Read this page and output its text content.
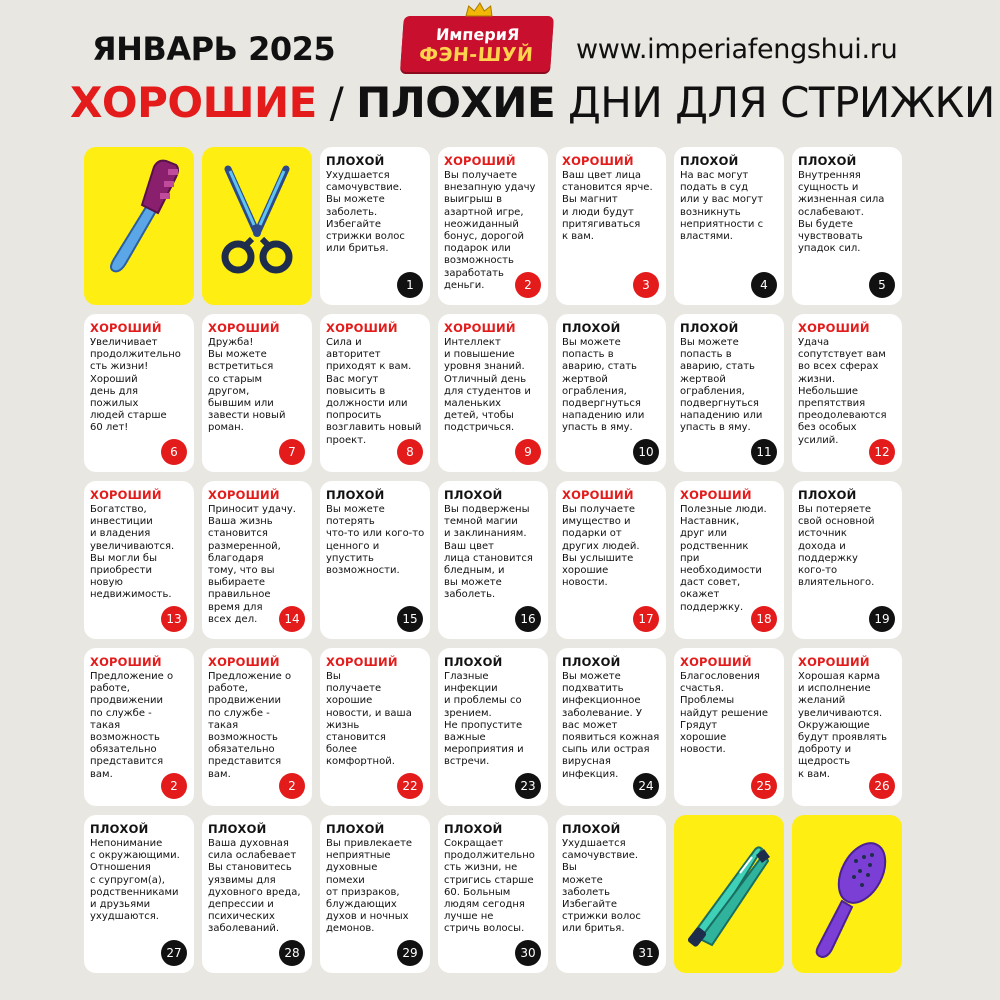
ЯНВАРЬ 2025	ИмпериЯ
ФЭН-ШУЙ www.imperiafengshui.ru
ХОРОШИЕ / ПЛОХИЕ ДНИ ДЛЯ СТРИЖКИ
ПЛОХОЙ
Ухудшается
самочувствие.
Вы можете
заболеть.
Избегайте
стрижки волос
или бритья.
1
ХОРОШИЙ
Вы получаете
внезапную удачу
выигрыш в
азартной игре,
неожиданный
бонус, дорогой
подарок или
возможность
заработать
деньги.	2
ХОРОШИЙ
Ваш цвет лица
становится ярче.
Вы магнит
и люди будут
притягиваться
к вам.
3
ПЛОХОЙ
На вас могут
подать в суд
или у вас могут
возникнуть
неприятности с
властями.
4
ПЛОХОЙ
Внутренняя
сущность и
жизненная сила
ослабевают.
Вы будете
чувствовать
упадок сил.
5
ХОРОШИЙ
Увеличивает
продолжительно
сть жизни!
Хороший
день для
пожилых
людей старше
60 лет!
6
ХОРОШИЙ
Дружба!
Вы можете
встретиться
со старым
другом,
бывшим или
завести новый
роман.
7
ХОРОШИЙ
Сила и
авторитет
приходят к вам.
Вас могут
повысить в
должности или
попросить
возглавить новый
проект.
8
ХОРОШИЙ
Интеллект
и повышение
уровня знаний.
Отличный день
для студентов и
маленьких
детей, чтобы
подстричься.
9
ПЛОХОЙ
Вы можете
попасть в
аварию, стать
жертвой
ограбления,
подвергнуться
нападению или
упасть в яму.
10
ПЛОХОЙ
Вы можете
попасть в
аварию, стать
жертвой
ограбления,
подвергнуться
нападению или
упасть в яму.
11
ХОРОШИЙ
Удача
сопутствует вам
во всех сферах
жизни.
Небольшие
препятствия
преодолеваются
без особых
усилий.
12
ХОРОШИЙ
Богатство,
инвестиции
и владения
увеличиваются.
Вы могли бы
приобрести
новую
недвижимость.
13
ХОРОШИЙ
Приносит удачу.
Ваша жизнь
становится
размеренной,
благодаря
тому, что вы
выбираете
правильное
время для
всех дел.	14
ПЛОХОЙ
Вы можете
потерять
что-то или кого-то
ценного и
упустить
возможности.
15
ПЛОХОЙ
Вы подвержены
темной магии
и заклинаниям.
Ваш цвет
лица становится
бледным, и
вы можете
заболеть.
16
ХОРОШИЙ
Вы получаете
имущество и
подарки от
других людей.
Вы услышите
хорошие
новости.
17
ХОРОШИЙ
Полезные люди.
Наставник,
друг или
родственник
при
необходимости
даст совет,
окажет
поддержку.
18
ПЛОХОЙ
Вы потеряете
свой основной
источник
дохода и
поддержку
кого-то
влиятельного.
19
ХОРОШИЙ
Предложение о
работе,
продвижении
по службе -
такая
возможность
обязательно
представится
вам.
2
ХОРОШИЙ
Предложение о
работе,
продвижении
по службе -
такая
возможность
обязательно
представится
вам.
2
ХОРОШИЙ
Вы
получаете
хорошие
новости, и ваша
жизнь
становится
более
комфортной.
22
ПЛОХОЙ
Глазные
инфекции
и проблемы со
зрением.
Не пропустите
важные
мероприятия и
встречи.
23
ПЛОХОЙ
Вы можете
подхватить
инфекционное
заболевание. У
вас может
появиться кожная
сыпь или острая
вирусная
инфекция.
24
ХОРОШИЙ
Благословения
счастья.
Проблемы
найдут решение
Грядут
хорошие
новости.
25
ХОРОШИЙ
Хорошая карма
и исполнение
желаний
увеличиваются.
Окружающие
будут проявлять
доброту и
щедрость
к вам.
26
ПЛОХОЙ
Непонимание
с окружающими.
Отношения
с супругом(а),
родственниками
и друзьями
ухудшаются.
27
ПЛОХОЙ
Ваша духовная
сила ослабевает
Вы становитесь
уязвимы для
духовного вреда,
депрессии и
психических
заболеваний.
28
ПЛОХОЙ
Вы привлекаете
неприятные
духовные
помехи
от призраков,
блуждающих
духов и ночных
демонов.
29
ПЛОХОЙ
Сокращает
продолжительно
сть жизни, не
стригись старше
60. Больным
людям сегодня
лучше не
стричь волосы.
30
ПЛОХОЙ
Ухудшается
самочувствие.
Вы
можете
заболеть
Избегайте
стрижки волос
или бритья.
31
